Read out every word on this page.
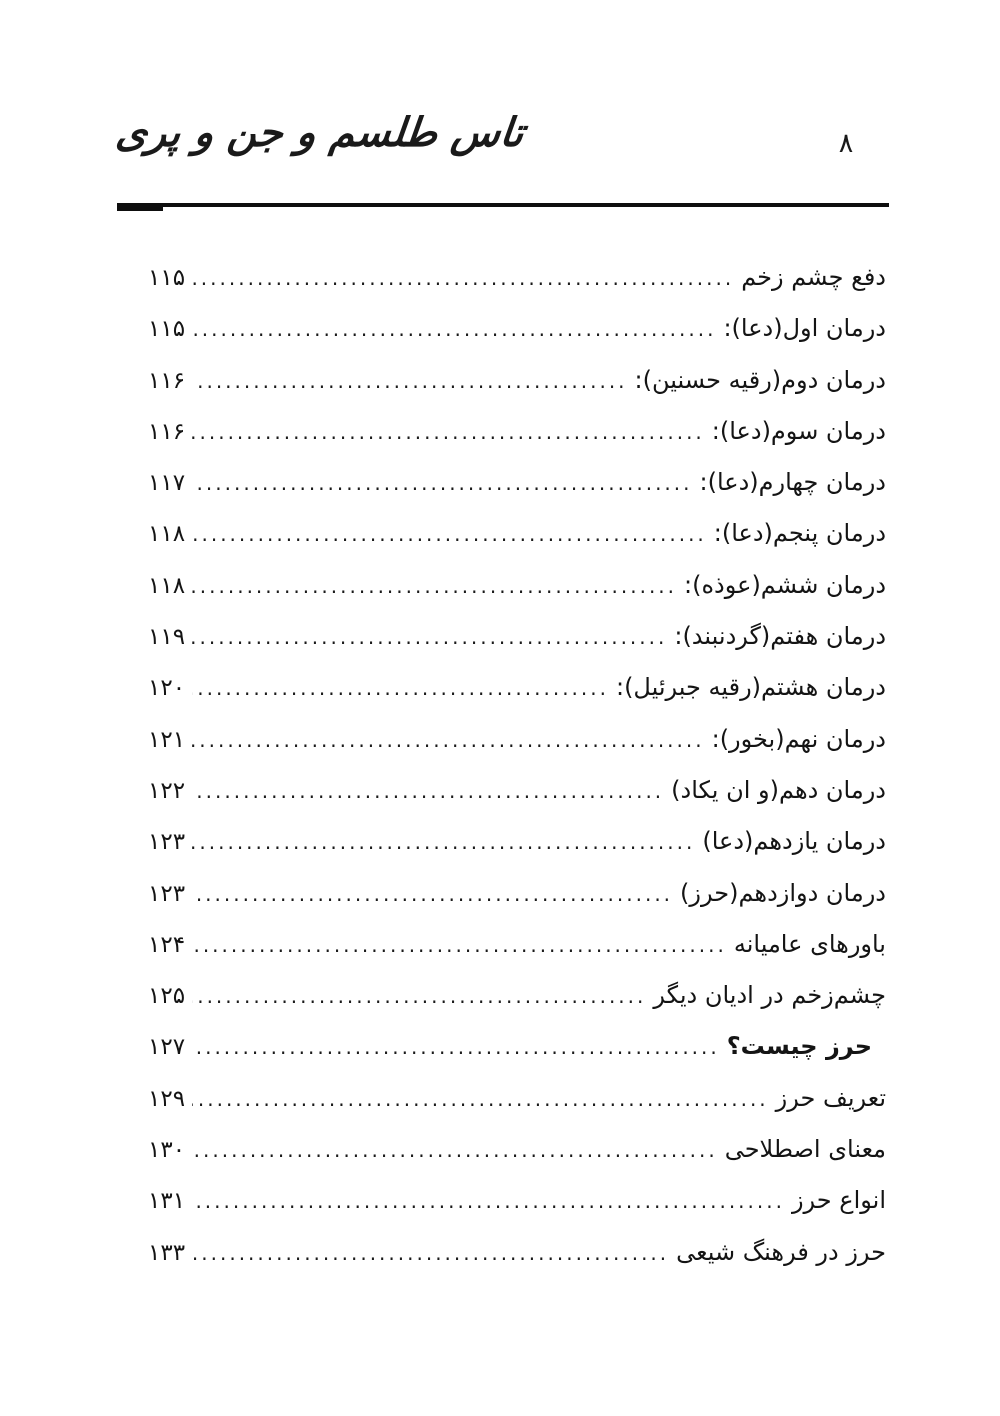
تاس طلسم و جن و پری	۸
دفع چشم زخم
.....
۱۱۵
درمان اول(دعا):
.....
۱۱۵
درمان دوم(رقیه حسنین):
.....
۱۱۶
درمان سوم(دعا):
.....
۱۱۶
درمان چهارم(دعا):
.....
۱۱۷
درمان پنجم(دعا):
.....
۱۱۸
درمان ششم(عوذه):
.....
۱۱۸
درمان هفتم(گردنبند):
.....
۱۱۹
درمان هشتم(رقیه جبرئیل):
.....
۱۲۰
درمان نهم(بخور):
.....
۱۲۱
درمان دهم(و ان یکاد)
.....
۱۲۲
درمان یازدهم(دعا)
.....
۱۲۳
درمان دوازدهم(حرز)
.....
۱۲۳
باورهای عامیانه
.....
۱۲۴
چشم‌زخم در ادیان دیگر
.....
۱۲۵
حرز چیست؟
.....
۱۲۷
تعریف حرز
.....
۱۲۹
معنای اصطلاحی
.....
۱۳۰
انواع حرز
.....
۱۳۱
حرز در فرهنگ شیعی
.....
۱۳۳
